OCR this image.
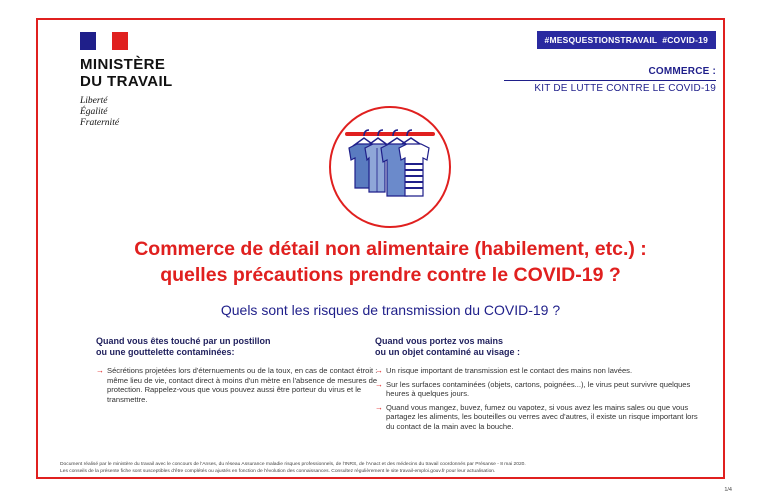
MINISTÈRE
DU TRAVAIL
Liberté
Égalité
Fraternité
#MESQUESTIONSTRAVAIL  #COVID-19
COMMERCE :
KIT DE LUTTE CONTRE LE COVID-19
Commerce de détail non alimentaire (habilement, etc.) :
quelles précautions prendre contre le COVID-19 ?
Quels sont les risques de transmission du COVID-19 ?
Quand vous êtes touché par un postillon
ou une gouttelette contaminées:
→ Sécrétions projetées lors d'éternuements ou de la toux, en cas de contact étroit : même lieu de vie, contact direct à moins d'un mètre en l'absence de mesures de protection. Rappelez-vous que vous pouvez aussi être porteur du virus et le transmettre.
Quand vous portez vos mains
ou un objet contaminé au visage :
→ Un risque important de transmission est le contact des mains non lavées.
→ Sur les surfaces contaminées (objets, cartons, poignées...), le virus peut survivre quelques heures à quelques jours.
→ Quand vous mangez, buvez, fumez ou vapotez, si vous avez les mains sales ou que vous partagez les aliments, les bouteilles ou verres avec d'autres, il existe un risque important lors du contact de la main avec la bouche.
Document réalisé par le ministère du travail avec le concours de l'Anses, du réseau Assurance maladie risques professionnels, de l'INRS, de l'Anact et des médecins du travail coordonnés par Présanse - 8 mai 2020.
Les conseils de la présente fiche sont susceptibles d'être complétés ou ajustés en fonction de l'évolution des connaissances. Consultez régulièrement le site travail-emploi.gouv.fr pour leur actualisation.
1/4
